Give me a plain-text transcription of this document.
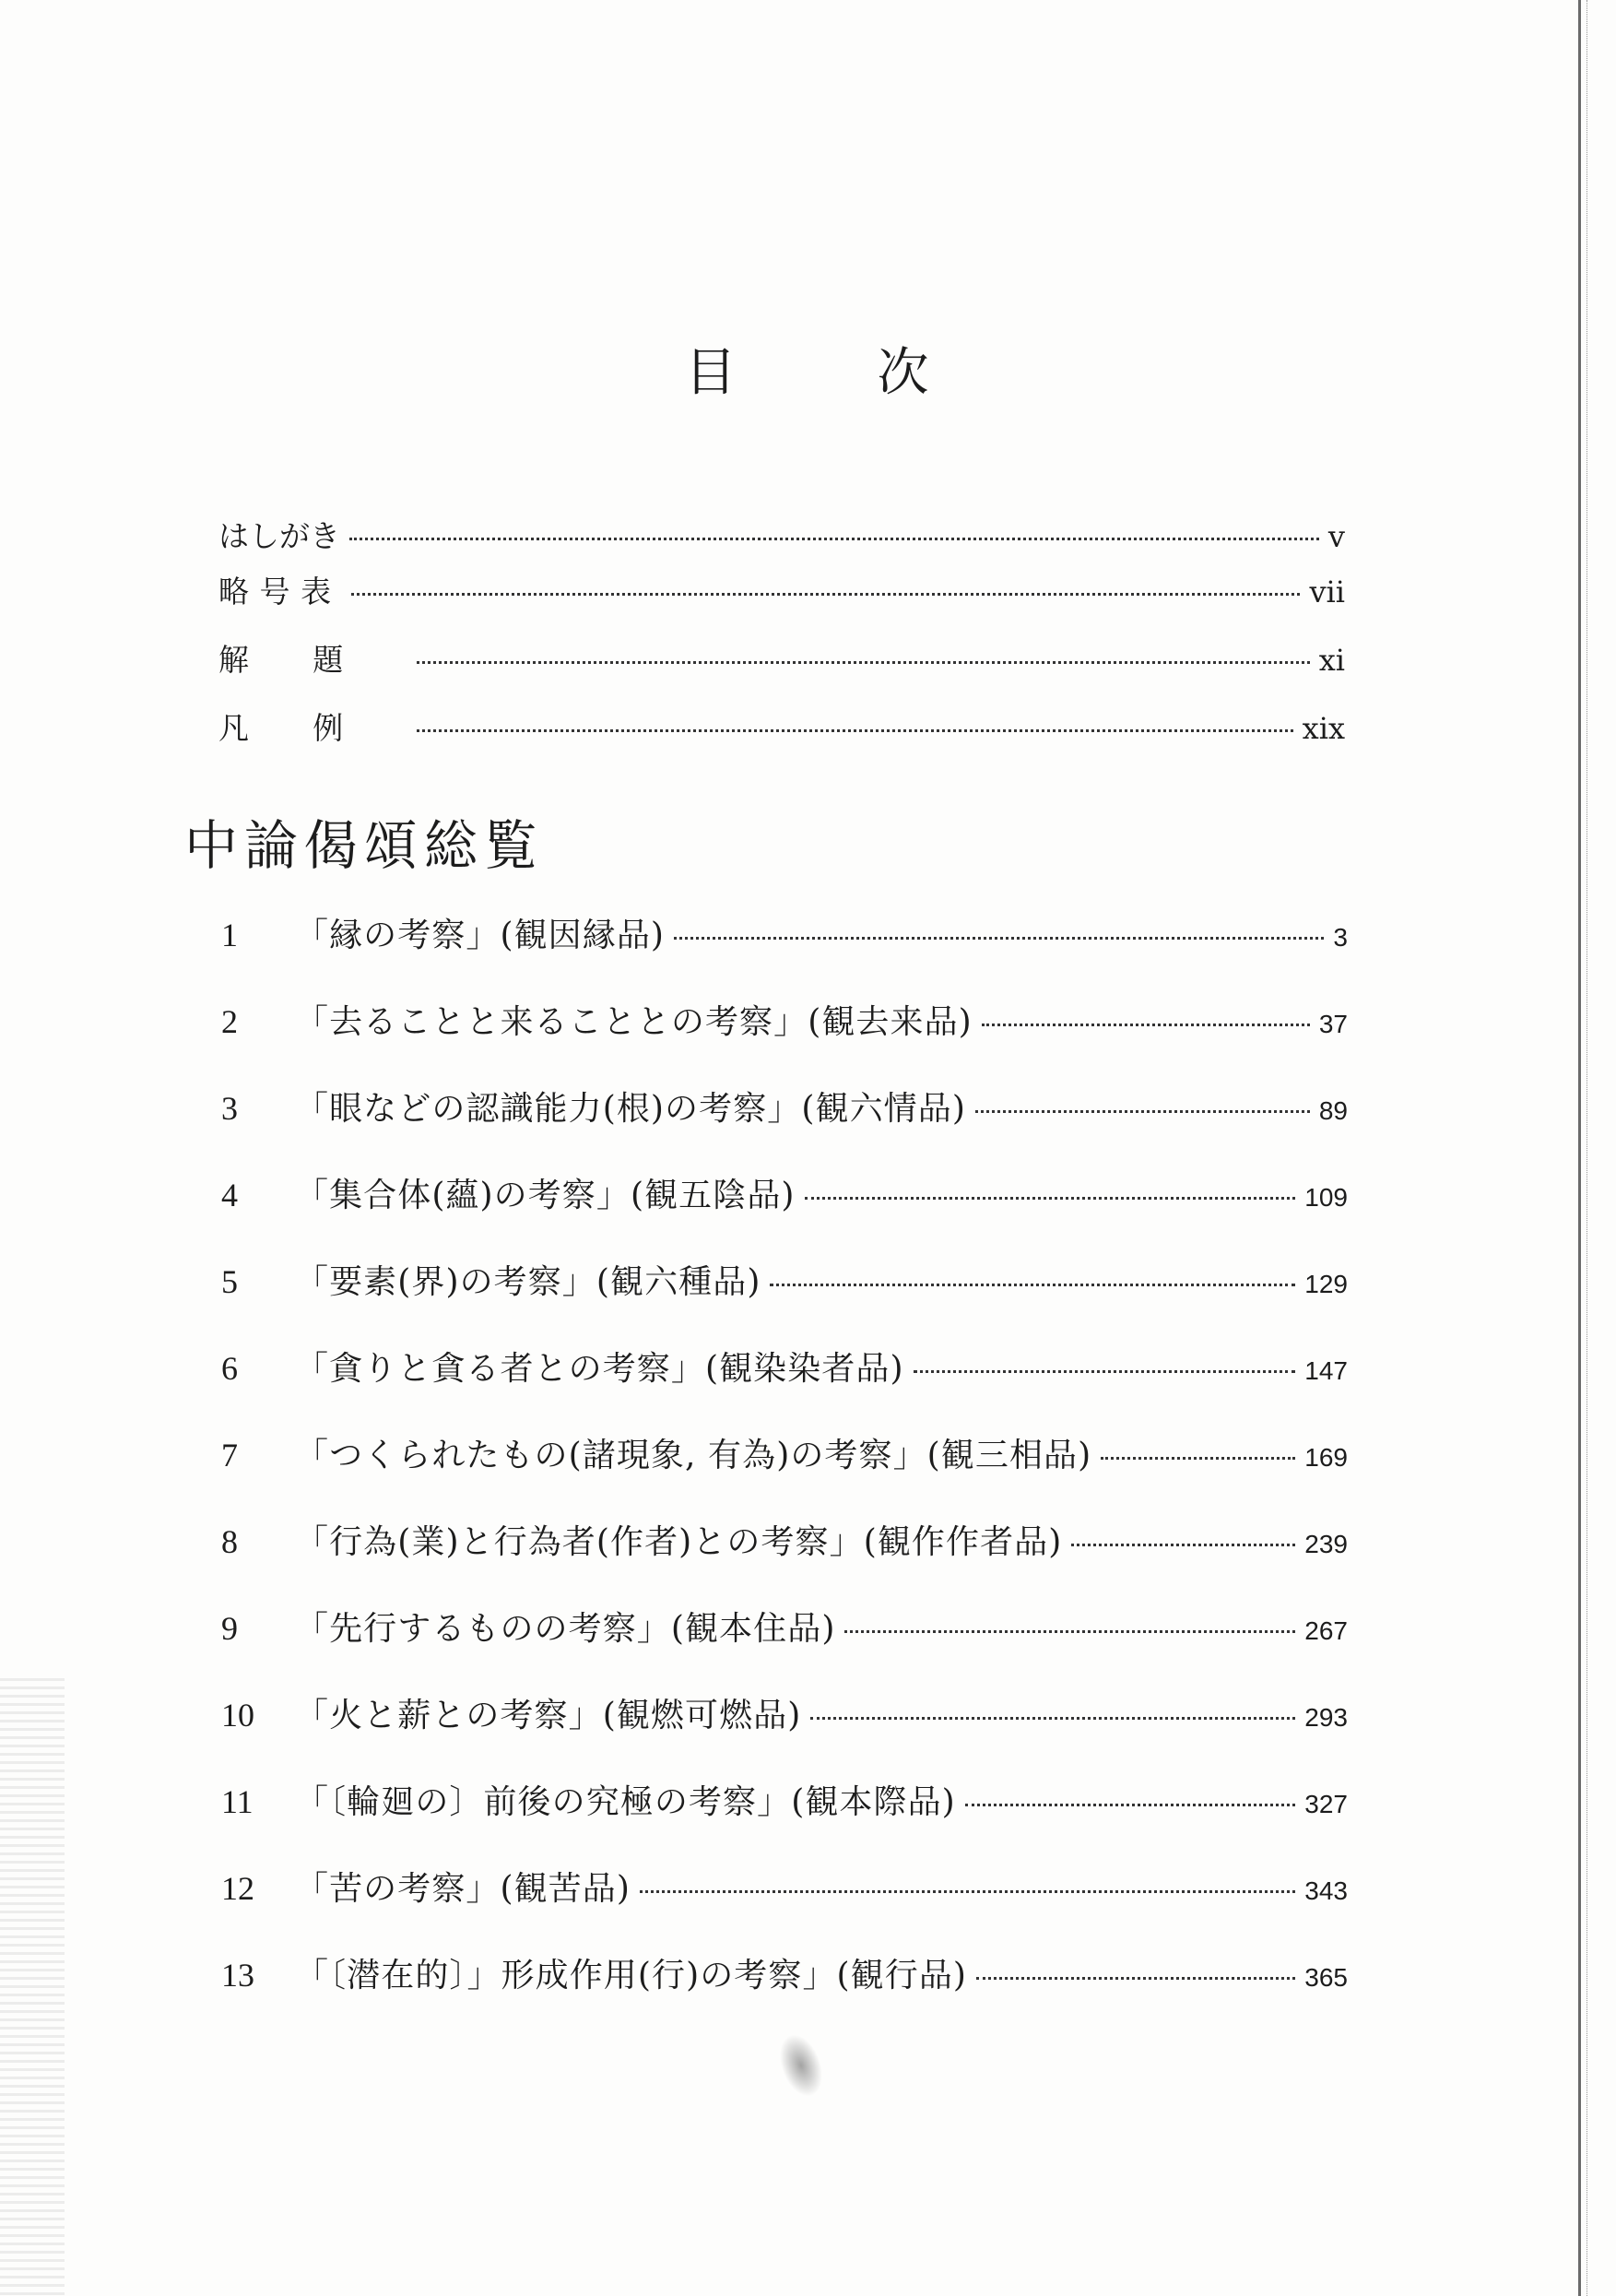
目	次
はしがき	v
略号表	vii
解題	xi
凡例	xix
中論偈頌総覧
1	「縁の考察」(観因縁品)	3
2	「去ることと来ることとの考察」(観去来品)	37
3	「眼などの認識能力(根)の考察」(観六情品)	89
4	「集合体(蘊)の考察」(観五陰品)	109
5	「要素(界)の考察」(観六種品)	129
6	「貪りと貪る者との考察」(観染染者品)	147
7	「つくられたもの(諸現象, 有為)の考察」(観三相品)	169
8	「行為(業)と行為者(作者)との考察」(観作作者品)	239
9	「先行するものの考察」(観本住品)	267
10	「火と薪との考察」(観燃可燃品)	293
11	「〔輪廻の〕前後の究極の考察」(観本際品)	327
12	「苦の考察」(観苦品)	343
13	「〔潜在的〕」形成作用(行)の考察」(観行品)	365
